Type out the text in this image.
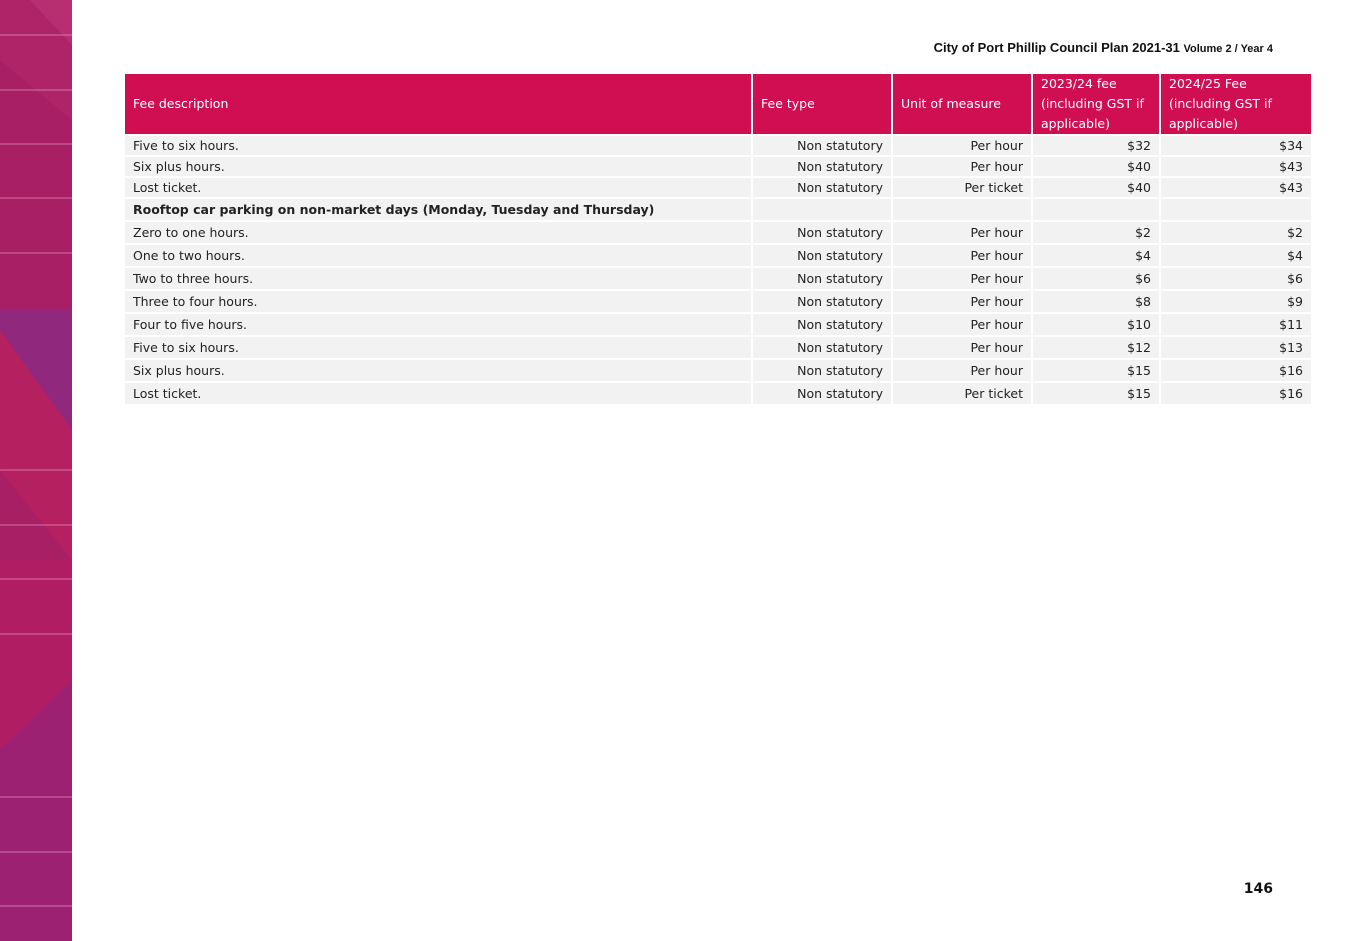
City of Port Phillip Council Plan 2021-31 Volume 2 / Year 4
Fee description	Fee type	Unit of measure	2023/24 fee (including GST if applicable)	2024/25 Fee (including GST if applicable)
Five to six hours.	Non statutory	Per hour	$32	$34
Six plus hours.	Non statutory	Per hour	$40	$43
Lost ticket.	Non statutory	Per ticket	$40	$43
Rooftop car parking on non-market days (Monday, Tuesday and Thursday)				
Zero to one hours.	Non statutory	Per hour	$2	$2
One to two hours.	Non statutory	Per hour	$4	$4
Two to three hours.	Non statutory	Per hour	$6	$6
Three to four hours.	Non statutory	Per hour	$8	$9
Four to five hours.	Non statutory	Per hour	$10	$11
Five to six hours.	Non statutory	Per hour	$12	$13
Six plus hours.	Non statutory	Per hour	$15	$16
Lost ticket.	Non statutory	Per ticket	$15	$16
146
